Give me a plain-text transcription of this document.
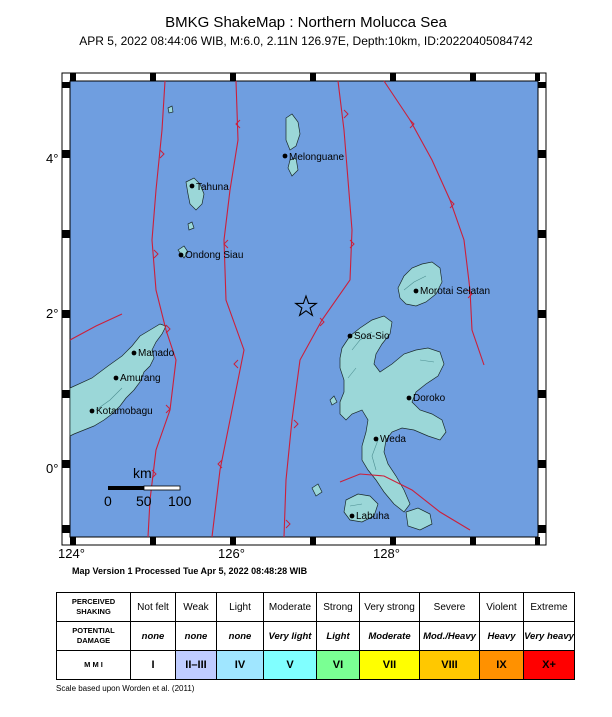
BMKG ShakeMap : Northern Molucca Sea
APR 5, 2022 08:44:06 WIB, M:6.0, 2.11N 126.97E, Depth:10km, ID:20220405084742
Melonguane
Tahuna
Ondong Siau
Morotai Selatan
Soa-Sio
Manado
Amurang
Kotamobagu
Doroko
Weda
Labuha
km
0 50 100
124°	126°	128°
4°
2°
0°
Map Version 1 Processed Tue Apr 5, 2022 08:48:28 WIB
PERCEIVED SHAKING	Not felt	Weak	Light	Moderate	Strong	Very strong	Severe	Violent	Extreme
POTENTIAL DAMAGE	none	none	none	Very light	Light	Moderate	Mod./Heavy	Heavy	Very heavy
M M I	I	II–III	IV	V	VI	VII	VIII	IX	X+
Scale based upon Worden et al. (2011)
